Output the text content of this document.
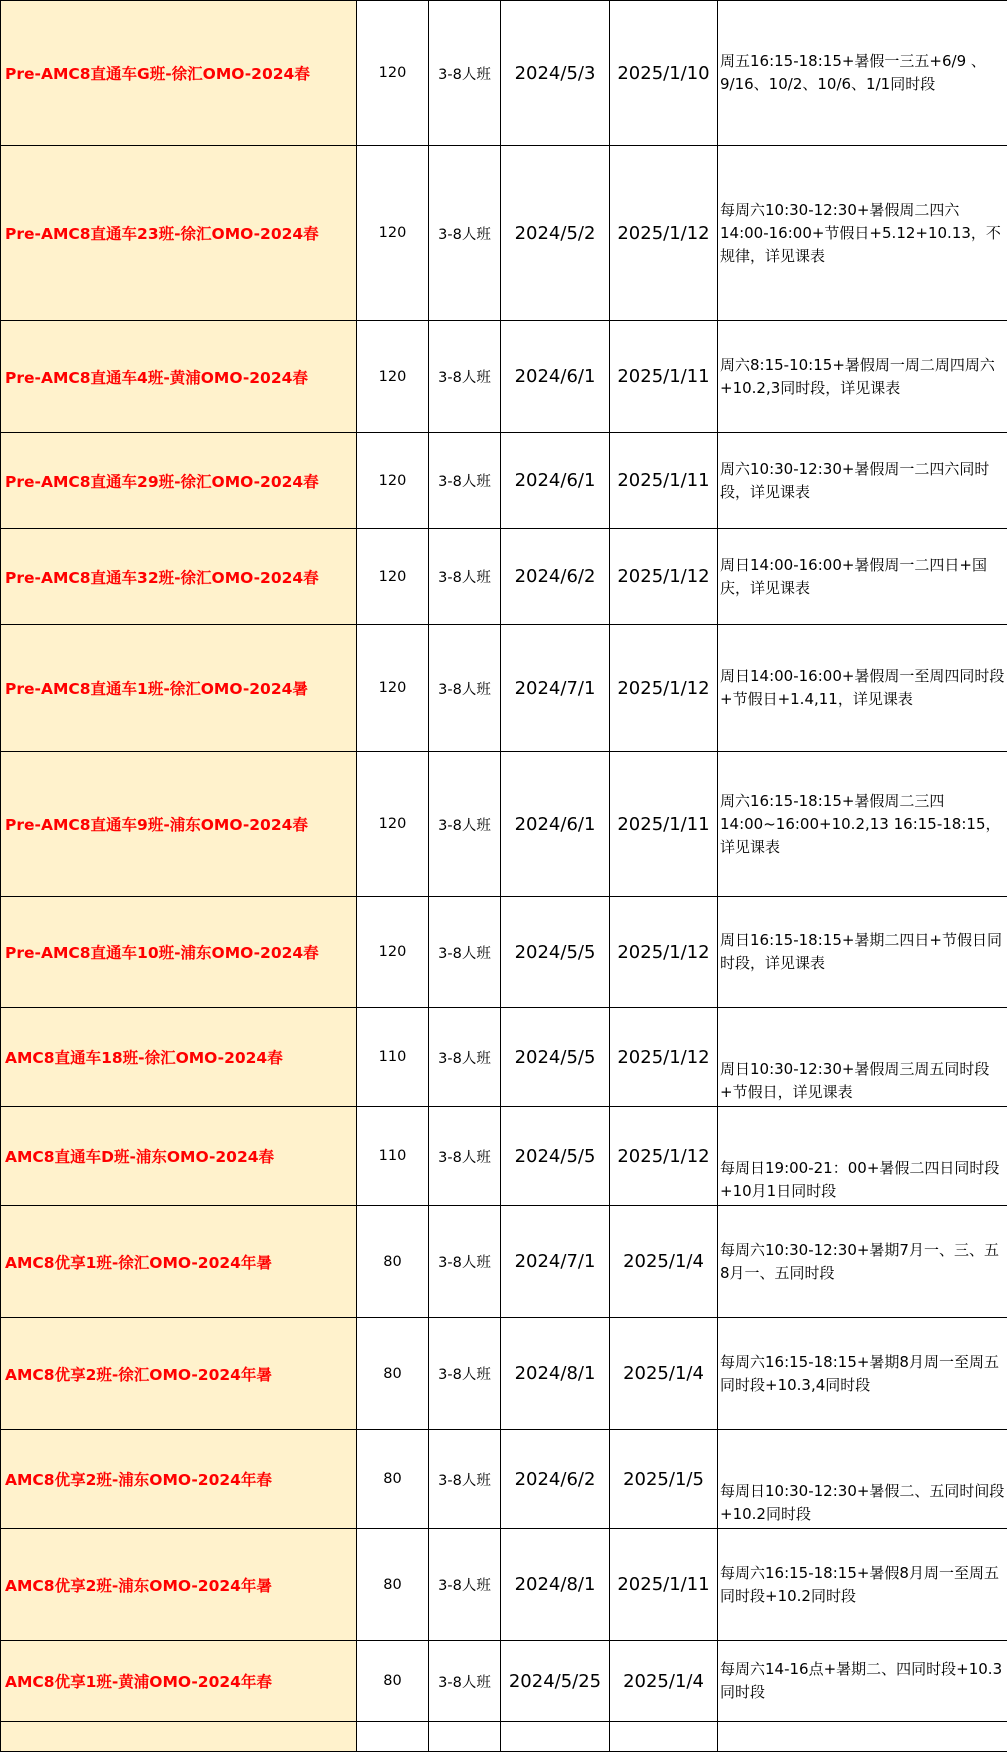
Pre-AMC8直通车G班-徐汇OMO-2024春	120	3-8人班	2024/5/3	2025/1/10	周五16:15-18:15+暑假一三五+6/9 、9/16、10/2、10/6、1/1同时段
Pre-AMC8直通车23班-徐汇OMO-2024春	120	3-8人班	2024/5/2	2025/1/12	每周六10:30-12:30+暑假周二四六14:00-16:00+节假日+5.12+10.13，不规律，详见课表
Pre-AMC8直通车4班-黄浦OMO-2024春	120	3-8人班	2024/6/1	2025/1/11	周六8:15-10:15+暑假周一周二周四周六+10.2,3同时段，详见课表
Pre-AMC8直通车29班-徐汇OMO-2024春	120	3-8人班	2024/6/1	2025/1/11	周六10:30-12:30+暑假周一二四六同时段，详见课表
Pre-AMC8直通车32班-徐汇OMO-2024春	120	3-8人班	2024/6/2	2025/1/12	周日14:00-16:00+暑假周一二四日+国庆，详见课表
Pre-AMC8直通车1班-徐汇OMO-2024暑	120	3-8人班	2024/7/1	2025/1/12	周日14:00-16:00+暑假周一至周四同时段+节假日+1.4,11，详见课表
Pre-AMC8直通车9班-浦东OMO-2024春	120	3-8人班	2024/6/1	2025/1/11	周六16:15-18:15+暑假周二三四14:00~16:00+10.2,13 16:15-18:15，详见课表
Pre-AMC8直通车10班-浦东OMO-2024春	120	3-8人班	2024/5/5	2025/1/12	周日16:15-18:15+暑期二四日+节假日同时段，详见课表
AMC8直通车18班-徐汇OMO-2024春	110	3-8人班	2024/5/5	2025/1/12	周日10:30-12:30+暑假周三周五同时段+节假日，详见课表
AMC8直通车D班-浦东OMO-2024春	110	3-8人班	2024/5/5	2025/1/12	每周日19:00-21：00+暑假二四日同时段+10月1日同时段
AMC8优享1班-徐汇OMO-2024年暑	80	3-8人班	2024/7/1	2025/1/4	每周六10:30-12:30+暑期7月一、三、五8月一、五同时段
AMC8优享2班-徐汇OMO-2024年暑	80	3-8人班	2024/8/1	2025/1/4	每周六16:15-18:15+暑期8月周一至周五同时段+10.3,4同时段
AMC8优享2班-浦东OMO-2024年春	80	3-8人班	2024/6/2	2025/1/5	每周日10:30-12:30+暑假二、五同时间段+10.2同时段
AMC8优享2班-浦东OMO-2024年暑	80	3-8人班	2024/8/1	2025/1/11	每周六16:15-18:15+暑假8月周一至周五同时段+10.2同时段
AMC8优享1班-黄浦OMO-2024年春	80	3-8人班	2024/5/25	2025/1/4	每周六14-16点+暑期二、四同时段+10.3同时段
